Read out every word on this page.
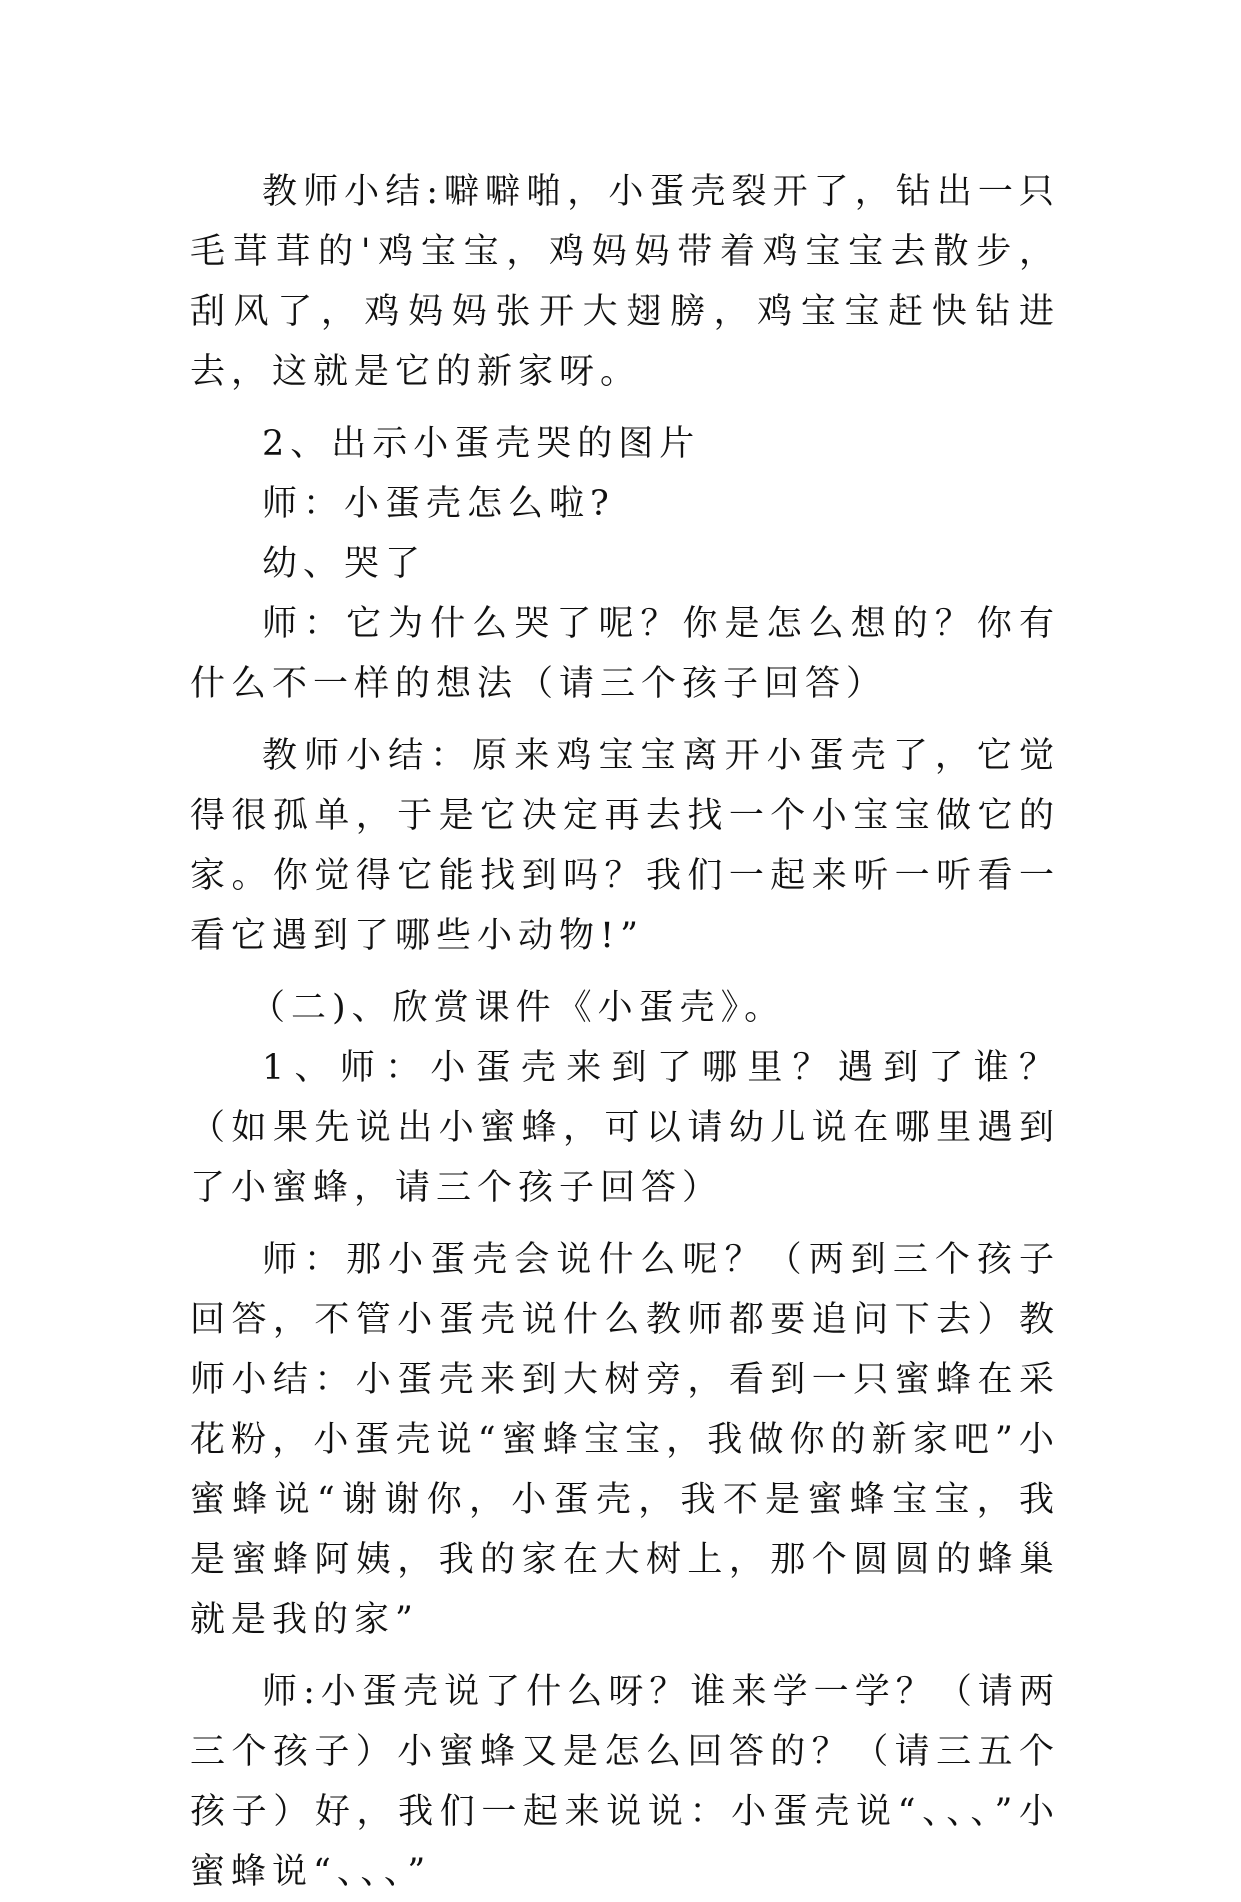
教师小结:噼噼啪，小蛋壳裂开了，钻出一只毛茸茸的'鸡宝宝，鸡妈妈带着鸡宝宝去散步，刮风了，鸡妈妈张开大翅膀，鸡宝宝赶快钻进去，这就是它的新家呀。

2、出示小蛋壳哭的图片

师：小蛋壳怎么啦?

幼、哭了

师：它为什么哭了呢？你是怎么想的？你有什么不一样的想法（请三个孩子回答）

教师小结：原来鸡宝宝离开小蛋壳了，它觉得很孤单，于是它决定再去找一个小宝宝做它的家。你觉得它能找到吗？我们一起来听一听看一看它遇到了哪些小动物!”

（二)、欣赏课件《小蛋壳》。

1、师：小蛋壳来到了哪里？遇到了谁？（如果先说出小蜜蜂，可以请幼儿说在哪里遇到了小蜜蜂，请三个孩子回答）

师：那小蛋壳会说什么呢？（两到三个孩子回答，不管小蛋壳说什么教师都要追问下去）教师小结：小蛋壳来到大树旁，看到一只蜜蜂在采花粉，小蛋壳说“蜜蜂宝宝，我做你的新家吧”小蜜蜂说“谢谢你，小蛋壳，我不是蜜蜂宝宝，我是蜜蜂阿姨，我的家在大树上，那个圆圆的蜂巢就是我的家”

师:小蛋壳说了什么呀？谁来学一学？（请两三个孩子）小蜜蜂又是怎么回答的？（请三五个孩子）好，我们一起来说说：小蛋壳说“、、、”小蜜蜂说“、、、”
